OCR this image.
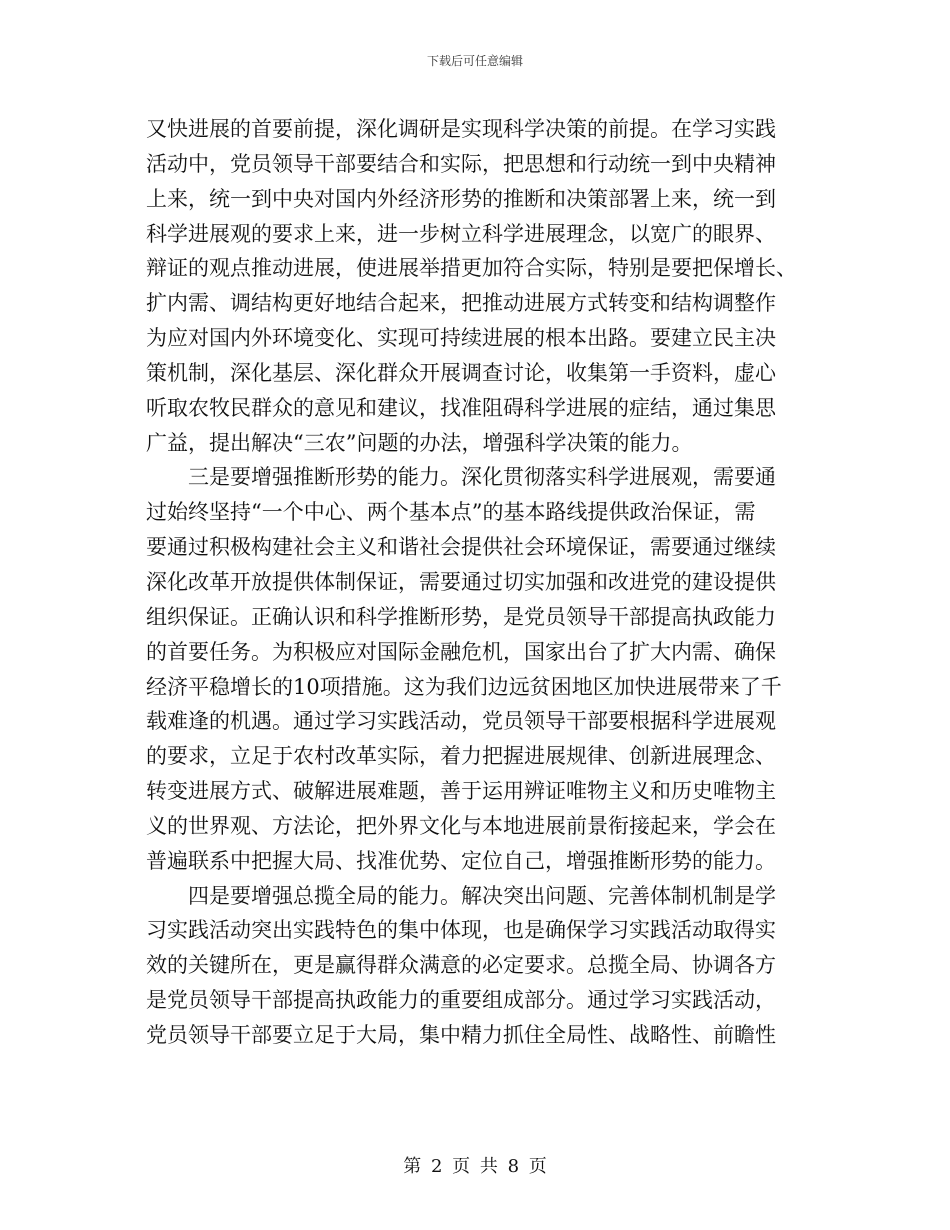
下载后可任意编辑

又快进展的首要前提，深化调研是实现科学决策的前提。在学习实践
活动中，党员领导干部要结合和实际，把思想和行动统一到中央精神
上来，统一到中央对国内外经济形势的推断和决策部署上来，统一到
科学进展观的要求上来，进一步树立科学进展理念，以宽广的眼界、
辩证的观点推动进展，使进展举措更加符合实际，特别是要把保增长、
扩内需、调结构更好地结合起来，把推动进展方式转变和结构调整作
为应对国内外环境变化、实现可持续进展的根本出路。要建立民主决
策机制，深化基层、深化群众开展调查讨论，收集第一手资料，虚心
听取农牧民群众的意见和建议，找准阻碍科学进展的症结，通过集思
广益，提出解决“三农”问题的办法，增强科学决策的能力。

三是要增强推断形势的能力。深化贯彻落实科学进展观，需要通
过始终坚持“一个中心、两个基本点”的基本路线提供政治保证，需
要通过积极构建社会主义和谐社会提供社会环境保证，需要通过继续
深化改革开放提供体制保证，需要通过切实加强和改进党的建设提供
组织保证。正确认识和科学推断形势，是党员领导干部提高执政能力
的首要任务。为积极应对国际金融危机，国家出台了扩大内需、确保
经济平稳增长的10项措施。这为我们边远贫困地区加快进展带来了千
载难逢的机遇。通过学习实践活动，党员领导干部要根据科学进展观
的要求，立足于农村改革实际，着力把握进展规律、创新进展理念、
转变进展方式、破解进展难题，善于运用辨证唯物主义和历史唯物主
义的世界观、方法论，把外界文化与本地进展前景衔接起来，学会在
普遍联系中把握大局、找准优势、定位自己，增强推断形势的能力。

四是要增强总揽全局的能力。解决突出问题、完善体制机制是学
习实践活动突出实践特色的集中体现，也是确保学习实践活动取得实
效的关键所在，更是赢得群众满意的必定要求。总揽全局、协调各方
是党员领导干部提高执政能力的重要组成部分。通过学习实践活动，
党员领导干部要立足于大局，集中精力抓住全局性、战略性、前瞻性

第 2 页 共 8 页
